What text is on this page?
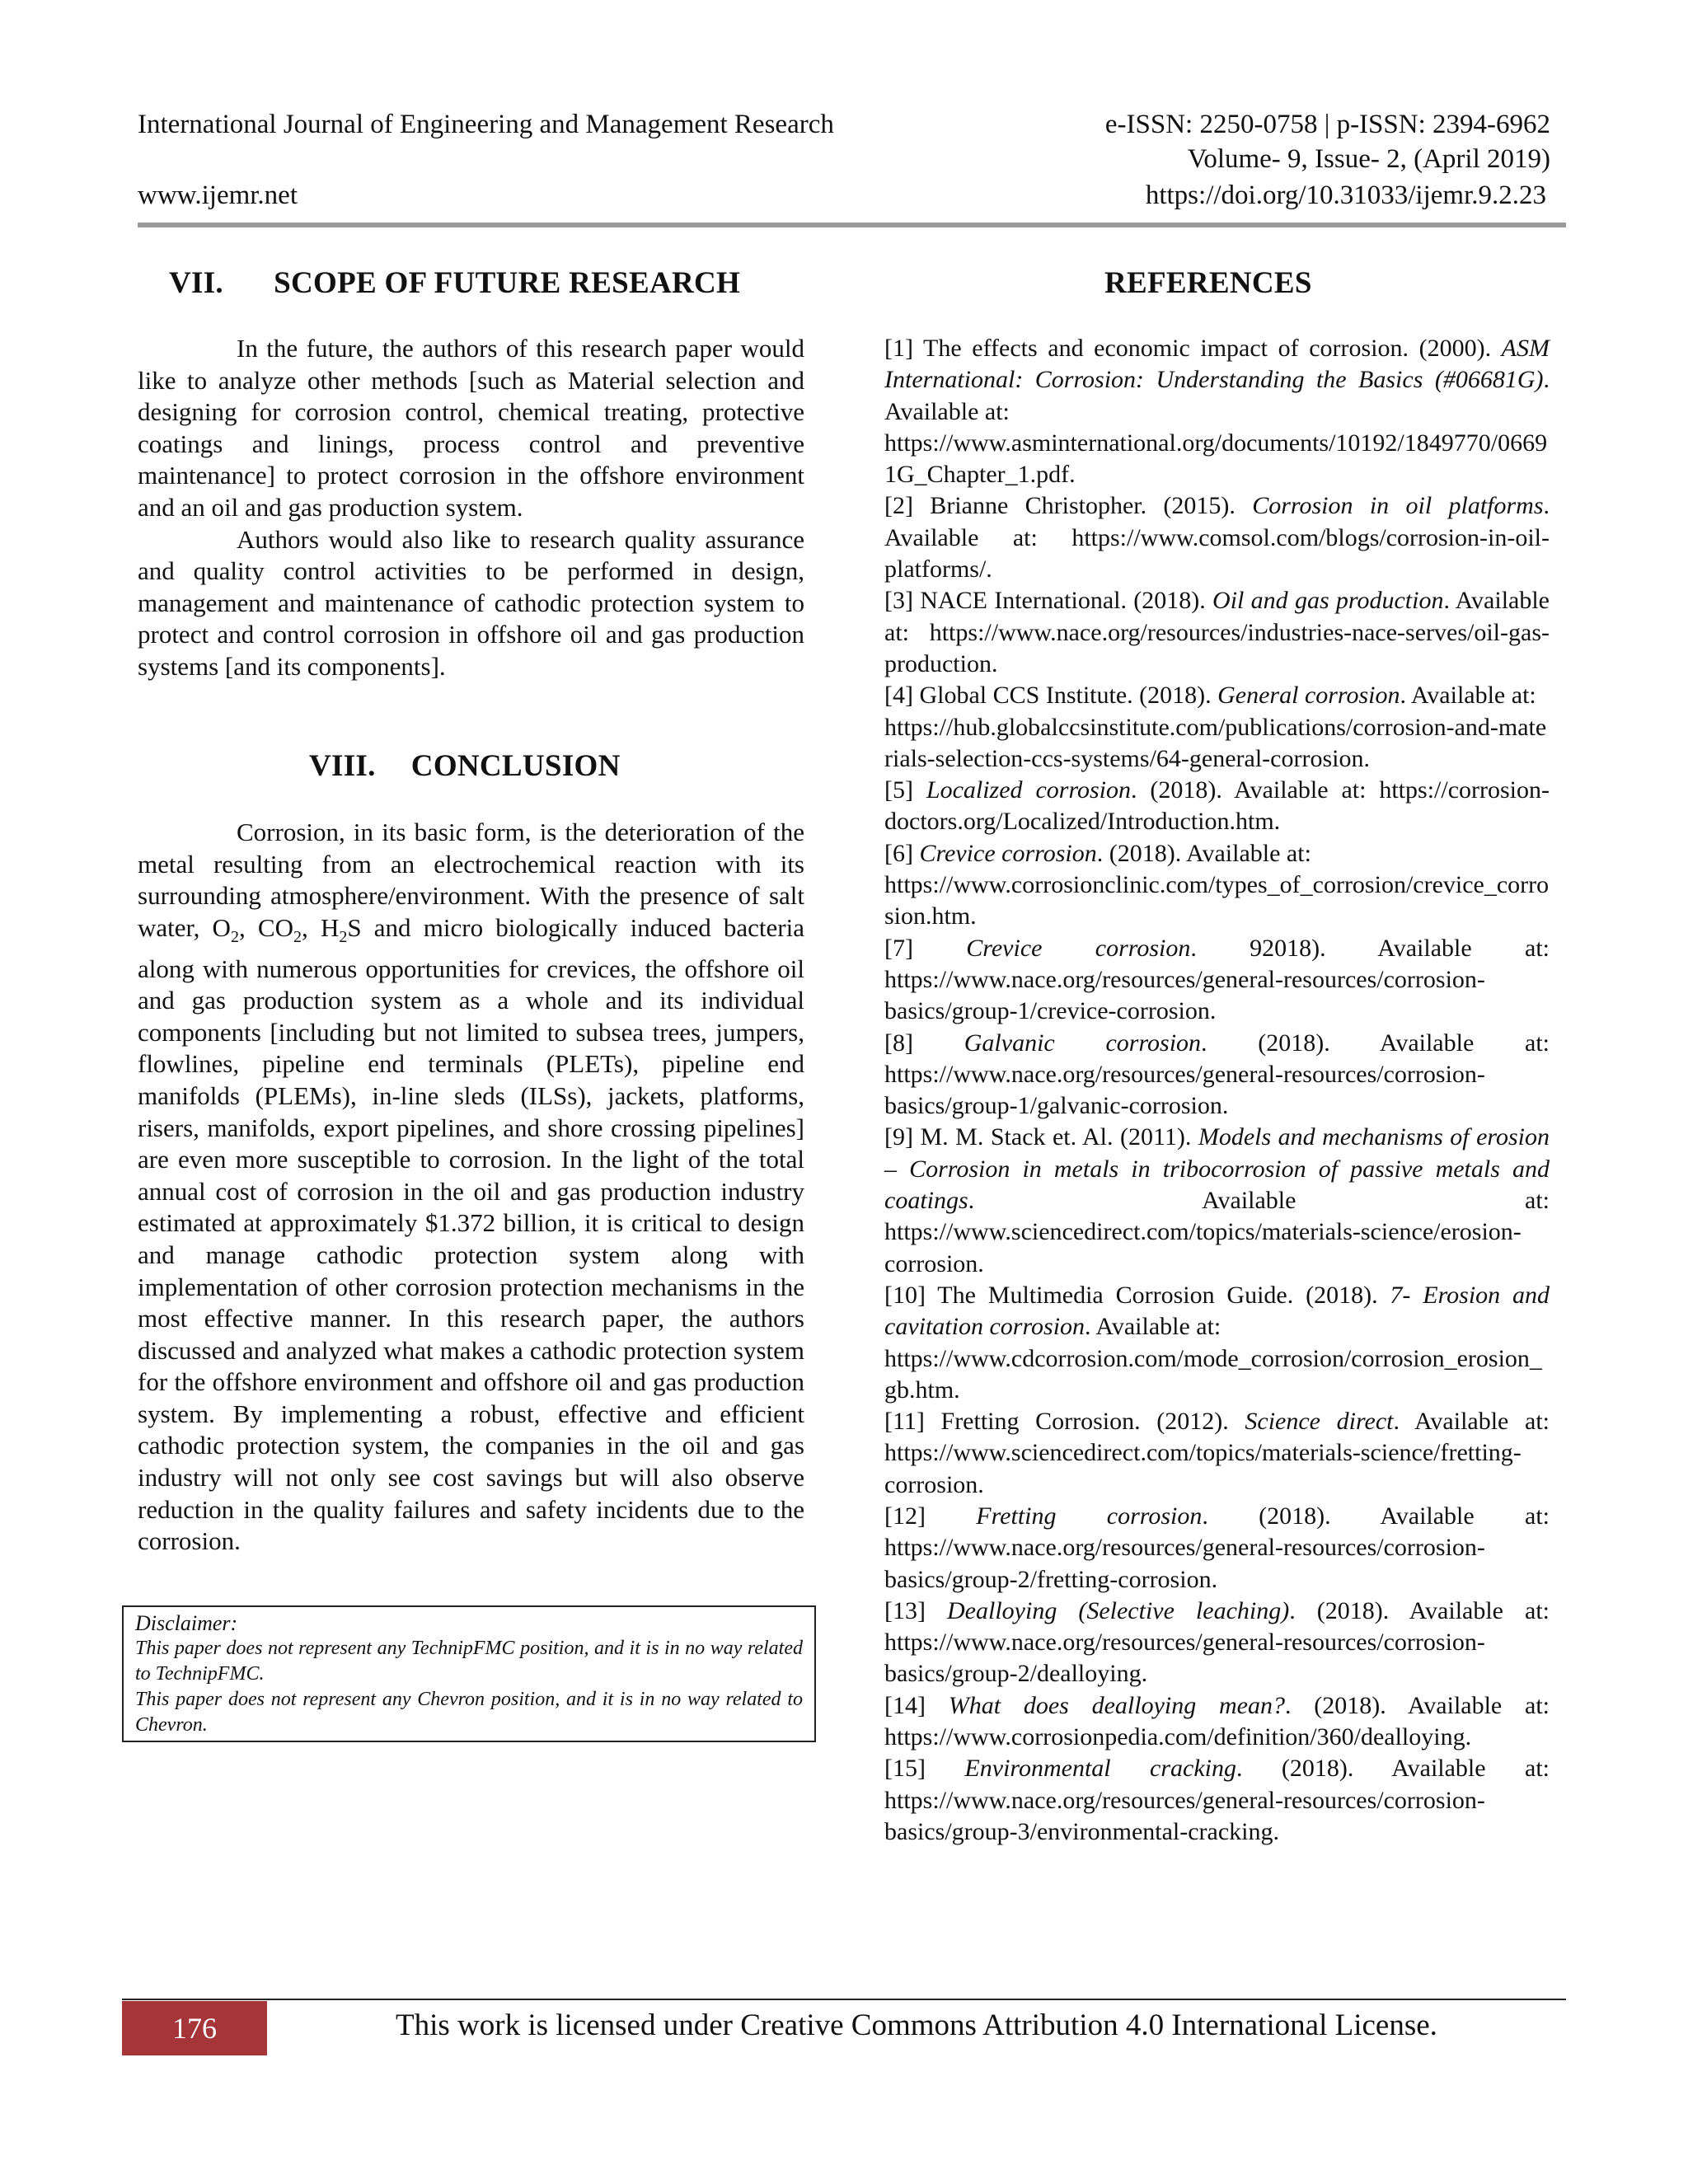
International Journal of Engineering and Management Research	e-ISSN: 2250-0758 | p-ISSN: 2394-6962
Volume- 9, Issue- 2, (April 2019)
www.ijemr.net	https://doi.org/10.31033/ijemr.9.2.23
VII. SCOPE OF FUTURE RESEARCH

In the future, the authors of this research paper would like to analyze other methods [such as Material selection and designing for corrosion control, chemical treating, protective coatings and linings, process control and preventive maintenance] to protect corrosion in the offshore environment and an oil and gas production system.

Authors would also like to research quality assurance and quality control activities to be performed in design, management and maintenance of cathodic protection system to protect and control corrosion in offshore oil and gas production systems [and its components].

VIII. CONCLUSION

Corrosion, in its basic form, is the deterioration of the metal resulting from an electrochemical reaction with its surrounding atmosphere/environment. With the presence of salt water, $O_2$, $CO_2$, $H_2S$ and micro biologically induced bacteria along with numerous opportunities for crevices, the offshore oil and gas production system as a whole and its individual components [including but not limited to subsea trees, jumpers, flowlines, pipeline end terminals (PLETs), pipeline end manifolds (PLEMs), in-line sleds (ILSs), jackets, platforms, risers, manifolds, export pipelines, and shore crossing pipelines] are even more susceptible to corrosion. In the light of the total annual cost of corrosion in the oil and gas production industry estimated at approximately $1.372 billion, it is critical to design and manage cathodic protection system along with implementation of other corrosion protection mechanisms in the most effective manner. In this research paper, the authors discussed and analyzed what makes a cathodic protection system for the offshore environment and offshore oil and gas production system. By implementing a robust, effective and efficient cathodic protection system, the companies in the oil and gas industry will not only see cost savings but will also observe reduction in the quality failures and safety incidents due to the corrosion.

Disclaimer:

This paper does not represent any TechnipFMC position, and it is in no way related to TechnipFMC.

This paper does not represent any Chevron position, and it is in no way related to Chevron.

REFERENCES

[1] The effects and economic impact of corrosion. (2000). ASM International: Corrosion: Understanding the Basics (#06681G). Available at:

https://www.asminternational.org/documents/10192/1849770/06691G_Chapter_1.pdf.

[2] Brianne Christopher. (2015). Corrosion in oil platforms. Available at: https://www.comsol.com/blogs/corrosion-in-oil-platforms/.

[3] NACE International. (2018). Oil and gas production. Available at: https://www.nace.org/resources/industries-nace-serves/oil-gas-production.

[4] Global CCS Institute. (2018). General corrosion. Available at:

https://hub.globalccsinstitute.com/publications/corrosion-and-materials-selection-ccs-systems/64-general-corrosion.

[5] Localized corrosion. (2018). Available at: https://corrosion-doctors.org/Localized/Introduction.htm.

[6] Crevice corrosion. (2018). Available at:

https://www.corrosionclinic.com/types_of_corrosion/crevice_corrosion.htm.

[7] Crevice corrosion. 92018). Available at: https://www.nace.org/resources/general-resources/corrosion-basics/group-1/crevice-corrosion.

[8] Galvanic corrosion. (2018). Available at: https://www.nace.org/resources/general-resources/corrosion-basics/group-1/galvanic-corrosion.

[9] M. M. Stack et. Al. (2011). Models and mechanisms of erosion – Corrosion in metals in tribocorrosion of passive metals and coatings. Available at: https://www.sciencedirect.com/topics/materials-science/erosion-corrosion.

[10] The Multimedia Corrosion Guide. (2018). 7- Erosion and cavitation corrosion. Available at:

https://www.cdcorrosion.com/mode_corrosion/corrosion_erosion_gb.htm.

[11] Fretting Corrosion. (2012). Science direct. Available at: https://www.sciencedirect.com/topics/materials-science/fretting-corrosion.

[12] Fretting corrosion. (2018). Available at: https://www.nace.org/resources/general-resources/corrosion-basics/group-2/fretting-corrosion.

[13] Dealloying (Selective leaching). (2018). Available at: https://www.nace.org/resources/general-resources/corrosion-basics/group-2/dealloying.

[14] What does dealloying mean?. (2018). Available at: https://www.corrosionpedia.com/definition/360/dealloying.

[15] Environmental cracking. (2018). Available at: https://www.nace.org/resources/general-resources/corrosion-basics/group-3/environmental-cracking.

176	This work is licensed under Creative Commons Attribution 4.0 International License.
